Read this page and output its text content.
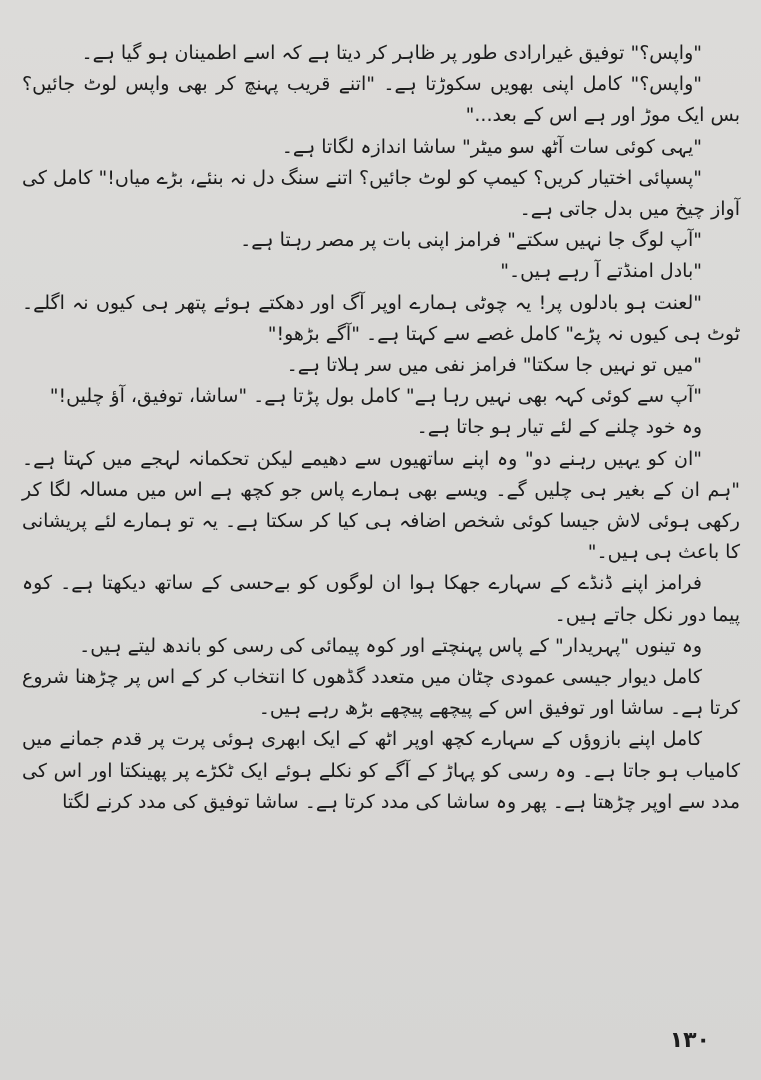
"واپس؟" توفیق غیرارادی طور پر ظاہر کر دیتا ہے کہ اسے اطمینان ہو گیا ہے۔

"واپس؟" کامل اپنی بھویں سکوڑتا ہے۔ "اتنے قریب پہنچ کر بھی واپس لوٹ جائیں؟ بس ایک موڑ اور ہے اس کے بعد..."

"یہی کوئی سات آٹھ سو میٹر" ساشا اندازہ لگاتا ہے۔

"پسپائی اختیار کریں؟ کیمپ کو لوٹ جائیں؟ اتنے سنگ دل نہ بنئے، بڑے میاں!" کامل کی آواز چیخ میں بدل جاتی ہے۔

"آپ لوگ جا نہیں سکتے" فرامز اپنی بات پر مصر رہتا ہے۔

"بادل امنڈتے آ رہے ہیں۔"

"لعنت ہو بادلوں پر! یہ چوٹی ہمارے اوپر آگ اور دھکتے ہوئے پتھر ہی کیوں نہ اگلے۔ ٹوٹ ہی کیوں نہ پڑے" کامل غصے سے کہتا ہے۔ "آگے بڑھو!"

"میں تو نہیں جا سکتا" فرامز نفی میں سر ہلاتا ہے۔

"آپ سے کوئی کہہ بھی نہیں رہا ہے" کامل بول پڑتا ہے۔ "ساشا، توفیق، آؤ چلیں!"

وہ خود چلنے کے لئے تیار ہو جاتا ہے۔

"ان کو یہیں رہنے دو" وہ اپنے ساتھیوں سے دھیمے لیکن تحکمانہ لہجے میں کہتا ہے۔ "ہم ان کے بغیر ہی چلیں گے۔ ویسے بھی ہمارے پاس جو کچھ ہے اس میں مسالہ لگا کر رکھی ہوئی لاش جیسا کوئی شخص اضافہ ہی کیا کر سکتا ہے۔ یہ تو ہمارے لئے پریشانی کا باعث ہی ہیں۔"

فرامز اپنے ڈنڈے کے سہارے جھکا ہوا ان لوگوں کو بےحسی کے ساتھ دیکھتا ہے۔ کوہ پیما دور نکل جاتے ہیں۔

وہ تینوں "پہریدار" کے پاس پہنچتے اور کوہ پیمائی کی رسی کو باندھ لیتے ہیں۔

کامل دیوار جیسی عمودی چٹان میں متعدد گڈھوں کا انتخاب کر کے اس پر چڑھنا شروع کرتا ہے۔ ساشا اور توفیق اس کے پیچھے پیچھے بڑھ رہے ہیں۔

کامل اپنے بازوؤں کے سہارے کچھ اوپر اٹھ کے ایک ابھری ہوئی پرت پر قدم جمانے میں کامیاب ہو جاتا ہے۔ وہ رسی کو پہاڑ کے آگے کو نکلے ہوئے ایک ٹکڑے پر پھینکتا اور اس کی مدد سے اوپر چڑھتا ہے۔ پھر وہ ساشا کی مدد کرتا ہے۔ ساشا توفیق کی مدد کرنے لگتا

١٣٠
